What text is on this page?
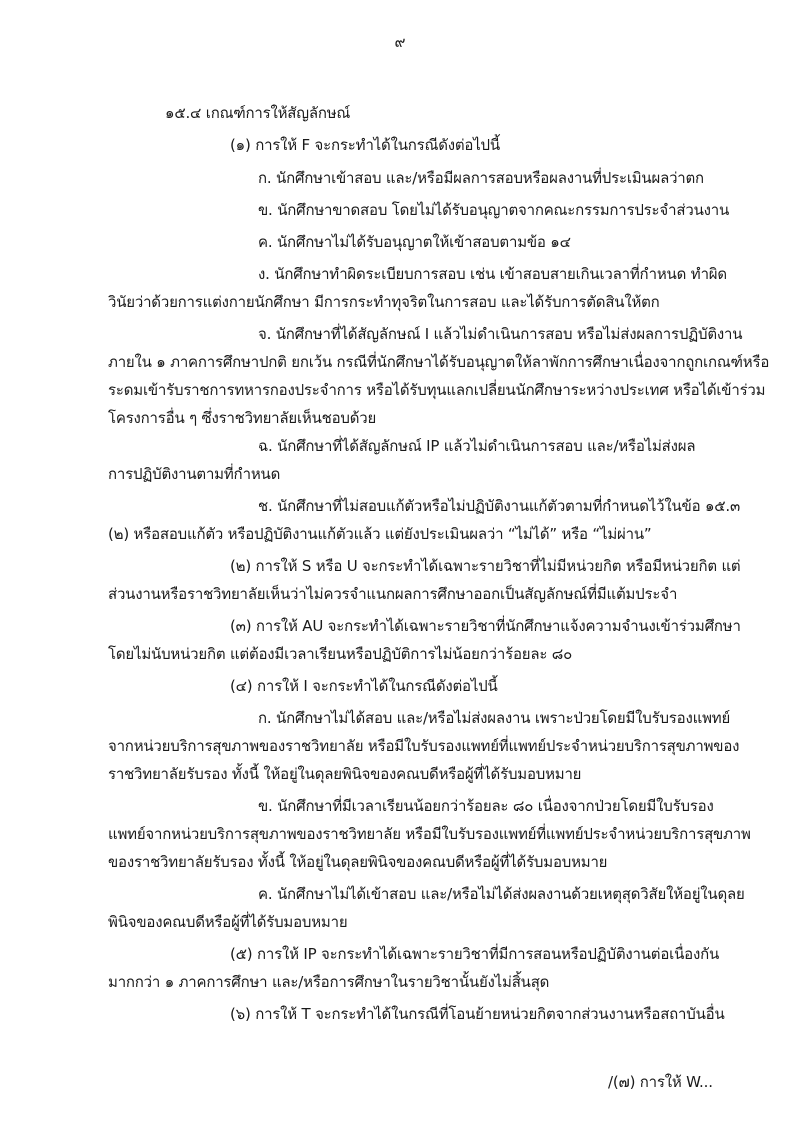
๙
๑๕.๔ เกณฑ์การให้สัญลักษณ์
(๑) การให้ F จะกระทำได้ในกรณีดังต่อไปนี้
ก. นักศึกษาเข้าสอบ และ/หรือมีผลการสอบหรือผลงานที่ประเมินผลว่าตก
ข. นักศึกษาขาดสอบ โดยไม่ได้รับอนุญาตจากคณะกรรมการประจำส่วนงาน
ค. นักศึกษาไม่ได้รับอนุญาตให้เข้าสอบตามข้อ ๑๔
ง. นักศึกษาทำผิดระเบียบการสอบ เช่น เข้าสอบสายเกินเวลาที่กำหนด ทำผิด
วินัยว่าด้วยการแต่งกายนักศึกษา มีการกระทำทุจริตในการสอบ และได้รับการตัดสินให้ตก
จ. นักศึกษาที่ได้สัญลักษณ์ I แล้วไม่ดำเนินการสอบ หรือไม่ส่งผลการปฏิบัติงาน
ภายใน ๑ ภาคการศึกษาปกติ ยกเว้น กรณีที่นักศึกษาได้รับอนุญาตให้ลาพักการศึกษาเนื่องจากถูกเกณฑ์หรือ
ระดมเข้ารับราชการทหารกองประจำการ หรือได้รับทุนแลกเปลี่ยนนักศึกษาระหว่างประเทศ หรือได้เข้าร่วม
โครงการอื่น ๆ ซึ่งราชวิทยาลัยเห็นชอบด้วย
ฉ. นักศึกษาที่ได้สัญลักษณ์ IP แล้วไม่ดำเนินการสอบ และ/หรือไม่ส่งผล
การปฏิบัติงานตามที่กำหนด
ช. นักศึกษาที่ไม่สอบแก้ตัวหรือไม่ปฏิบัติงานแก้ตัวตามที่กำหนดไว้ในข้อ ๑๕.๓
(๒) หรือสอบแก้ตัว หรือปฏิบัติงานแก้ตัวแล้ว แต่ยังประเมินผลว่า “ไม่ได้” หรือ “ไม่ผ่าน”
(๒) การให้ S หรือ U จะกระทำได้เฉพาะรายวิชาที่ไม่มีหน่วยกิต หรือมีหน่วยกิต แต่
ส่วนงานหรือราชวิทยาลัยเห็นว่าไม่ควรจำแนกผลการศึกษาออกเป็นสัญลักษณ์ที่มีแต้มประจำ
(๓) การให้ AU จะกระทำได้เฉพาะรายวิชาที่นักศึกษาแจ้งความจำนงเข้าร่วมศึกษา
โดยไม่นับหน่วยกิต แต่ต้องมีเวลาเรียนหรือปฏิบัติการไม่น้อยกว่าร้อยละ ๘๐
(๔) การให้ I จะกระทำได้ในกรณีดังต่อไปนี้
ก. นักศึกษาไม่ได้สอบ และ/หรือไม่ส่งผลงาน เพราะป่วยโดยมีใบรับรองแพทย์
จากหน่วยบริการสุขภาพของราชวิทยาลัย หรือมีใบรับรองแพทย์ที่แพทย์ประจำหน่วยบริการสุขภาพของ
ราชวิทยาลัยรับรอง ทั้งนี้ ให้อยู่ในดุลยพินิจของคณบดีหรือผู้ที่ได้รับมอบหมาย
ข. นักศึกษาที่มีเวลาเรียนน้อยกว่าร้อยละ ๘๐ เนื่องจากป่วยโดยมีใบรับรอง
แพทย์จากหน่วยบริการสุขภาพของราชวิทยาลัย หรือมีใบรับรองแพทย์ที่แพทย์ประจำหน่วยบริการสุขภาพ
ของราชวิทยาลัยรับรอง ทั้งนี้ ให้อยู่ในดุลยพินิจของคณบดีหรือผู้ที่ได้รับมอบหมาย
ค. นักศึกษาไม่ได้เข้าสอบ และ/หรือไม่ได้ส่งผลงานด้วยเหตุสุดวิสัยให้อยู่ในดุลย
พินิจของคณบดีหรือผู้ที่ได้รับมอบหมาย
(๕) การให้ IP จะกระทำได้เฉพาะรายวิชาที่มีการสอนหรือปฏิบัติงานต่อเนื่องกัน
มากกว่า ๑ ภาคการศึกษา และ/หรือการศึกษาในรายวิชานั้นยังไม่สิ้นสุด
(๖) การให้ T จะกระทำได้ในกรณีที่โอนย้ายหน่วยกิตจากส่วนงานหรือสถาบันอื่น
/(๗) การให้ W...
